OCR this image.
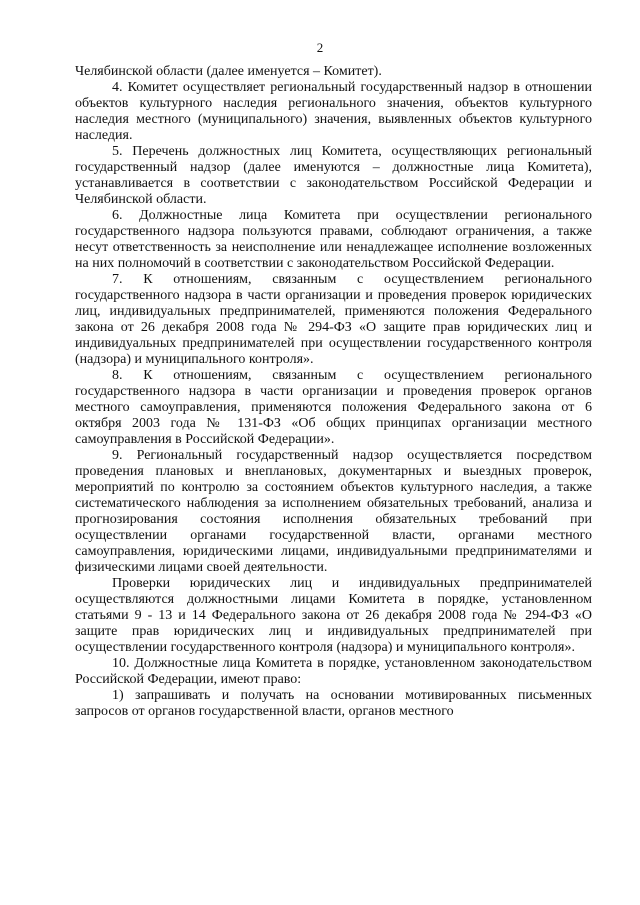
2

Челябинской области (далее именуется – Комитет).

4. Комитет осуществляет региональный государственный надзор в отношении объектов культурного наследия регионального значения, объектов культурного наследия местного (муниципального) значения, выявленных объектов культурного наследия.

5. Перечень должностных лиц Комитета, осуществляющих региональный государственный надзор (далее именуются – должностные лица Комитета), устанавливается в соответствии с законодательством Российской Федерации и Челябинской области.

6. Должностные лица Комитета при осуществлении регионального государственного надзора пользуются правами, соблюдают ограничения, а также несут ответственность за неисполнение или ненадлежащее исполнение возложенных на них полномочий в соответствии с законодательством Российской Федерации.

7. К отношениям, связанным с осуществлением регионального государственного надзора в части организации и проведения проверок юридических лиц, индивидуальных предпринимателей, применяются положения Федерального закона от 26 декабря 2008 года № 294-ФЗ «О защите прав юридических лиц и индивидуальных предпринимателей при осуществлении государственного контроля (надзора) и муниципального контроля».

8. К отношениям, связанным с осуществлением регионального государственного надзора в части организации и проведения проверок органов местного самоуправления, применяются положения Федерального закона от 6 октября 2003 года № 131-ФЗ «Об общих принципах организации местного самоуправления в Российской Федерации».

9. Региональный государственный надзор осуществляется посредством проведения плановых и внеплановых, документарных и выездных проверок, мероприятий по контролю за состоянием объектов культурного наследия, а также систематического наблюдения за исполнением обязательных требований, анализа и прогнозирования состояния исполнения обязательных требований при осуществлении органами государственной власти, органами местного самоуправления, юридическими лицами, индивидуальными предпринимателями и физическими лицами своей деятельности.

Проверки юридических лиц и индивидуальных предпринимателей осуществляются должностными лицами Комитета в порядке, установленном статьями 9 - 13 и 14 Федерального закона от 26 декабря 2008 года № 294-ФЗ «О защите прав юридических лиц и индивидуальных предпринимателей при осуществлении государственного контроля (надзора) и муниципального контроля».

10. Должностные лица Комитета в порядке, установленном законодательством Российской Федерации, имеют право:

1) запрашивать и получать на основании мотивированных письменных запросов от органов государственной власти, органов местного
